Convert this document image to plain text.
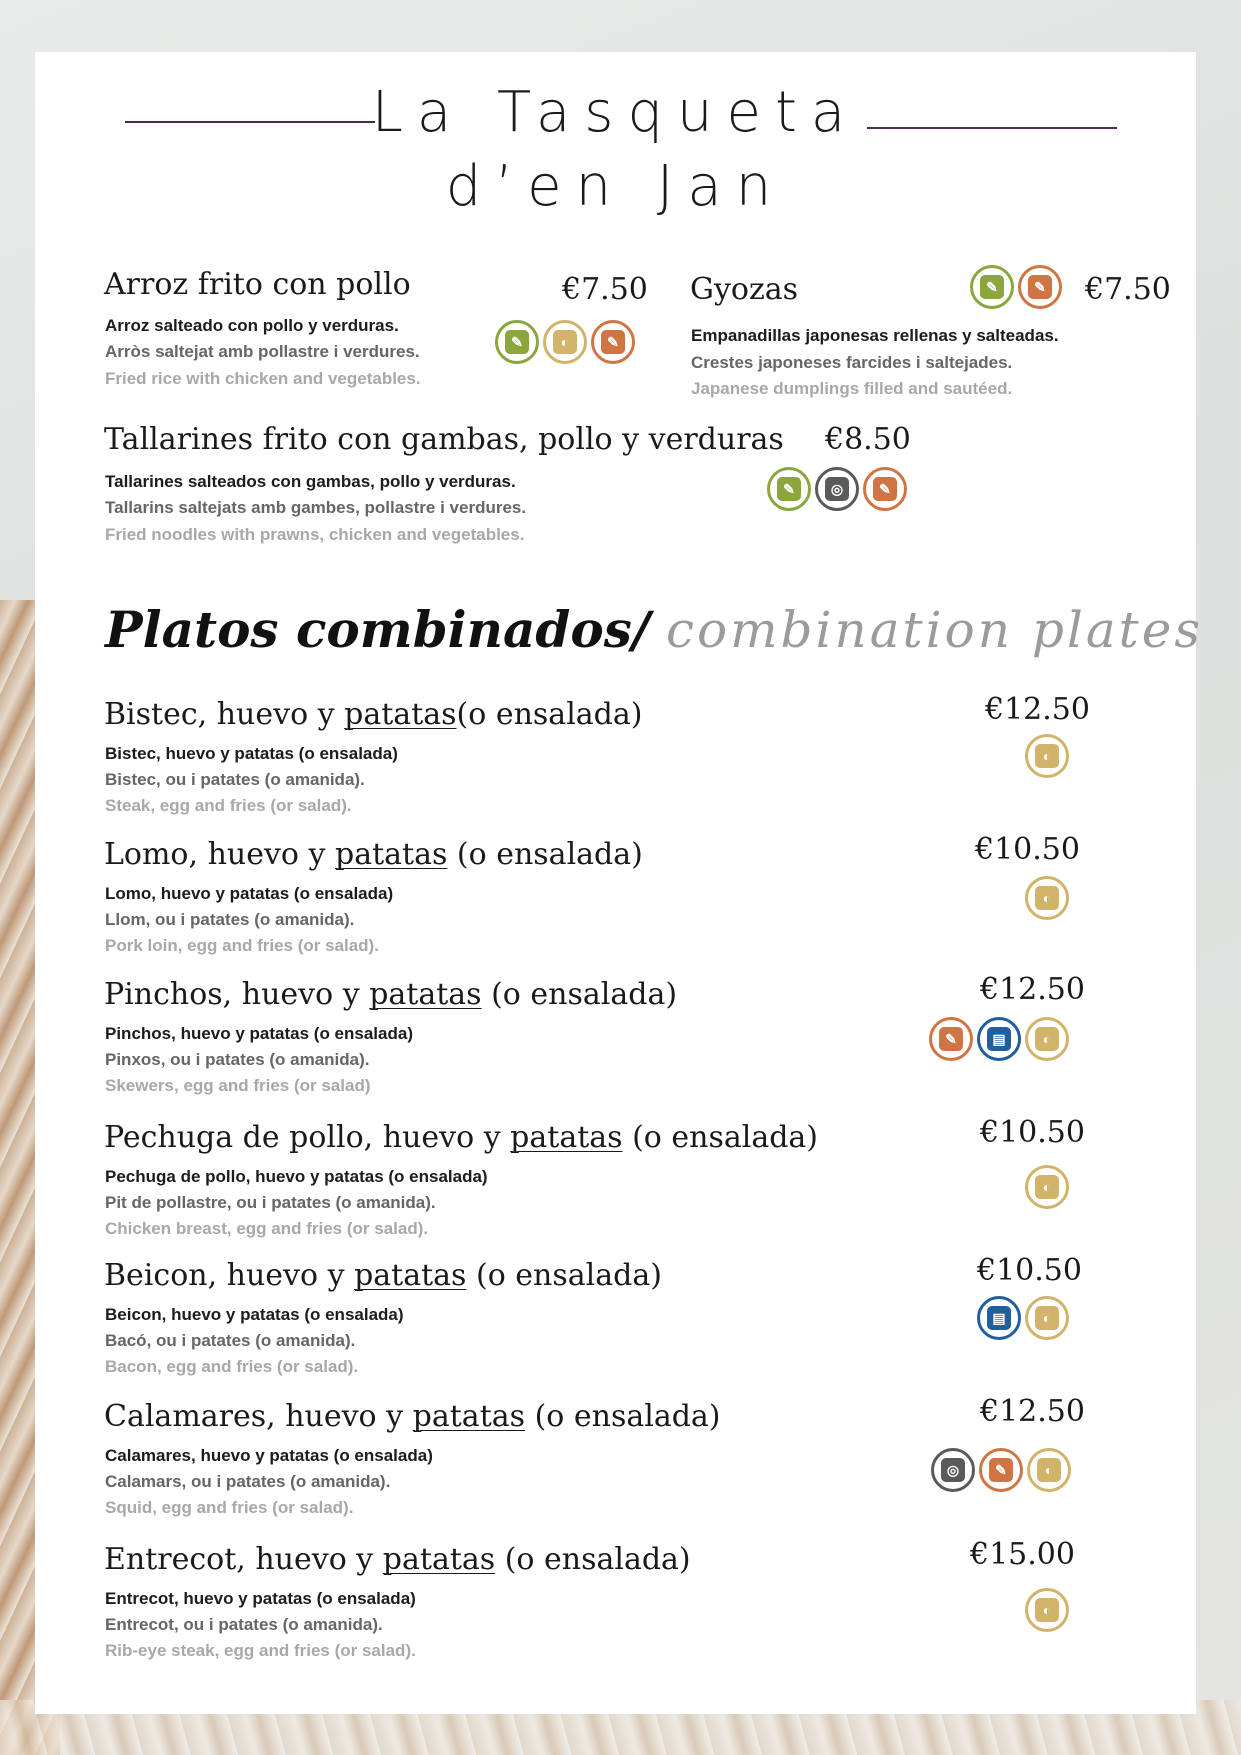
La Tasqueta
d’en Jan
Arroz frito con pollo	€7.50
Arroz salteado con pollo y verduras.
Arròs saltejat amb pollastre i verdures.
Fried rice with chicken and vegetables.
✎	◐	✎
Gyozas	€7.50
Empanadillas japonesas rellenas y salteadas.
Crestes japoneses farcides i saltejades.
Japanese dumplings filled and sautéed.
✎	✎
Tallarines frito con gambas, pollo y verduras €8.50
Tallarines salteados con gambas, pollo y verduras.
Tallarins saltejats amb gambes, pollastre i verdures.
Fried noodles with prawns, chicken and vegetables.
✎	◎	✎
Platos combinados/ combination plates
Bistec, huevo y patatas(o ensalada)	€12.50
Bistec, huevo y patatas (o ensalada)
Bistec, ou i patates (o amanida).
Steak, egg and fries (or salad).
◐
Lomo, huevo y patatas (o ensalada)	€10.50
Lomo, huevo y patatas (o ensalada)
Llom, ou i patates (o amanida).
Pork loin, egg and fries (or salad).
◐
Pinchos, huevo y patatas (o ensalada)	€12.50
Pinchos, huevo y patatas (o ensalada)
Pinxos, ou i patates (o amanida).
Skewers, egg and fries (or salad)
✎	▤	◐
Pechuga de pollo, huevo y patatas (o ensalada)	€10.50
Pechuga de pollo, huevo y patatas (o ensalada)
Pit de pollastre, ou i patates (o amanida).
Chicken breast, egg and fries (or salad).
◐
Beicon, huevo y patatas (o ensalada)	€10.50
Beicon, huevo y patatas (o ensalada)
Bacó, ou i patates (o amanida).
Bacon, egg and fries (or salad).
▤	◐
Calamares, huevo y patatas (o ensalada)	€12.50
Calamares, huevo y patatas (o ensalada)
Calamars, ou i patates (o amanida).
Squid, egg and fries (or salad).
◎	✎	◐
Entrecot, huevo y patatas (o ensalada)	€15.00
Entrecot, huevo y patatas (o ensalada)
Entrecot, ou i patates (o amanida).
Rib-eye steak, egg and fries (or salad).
◐
